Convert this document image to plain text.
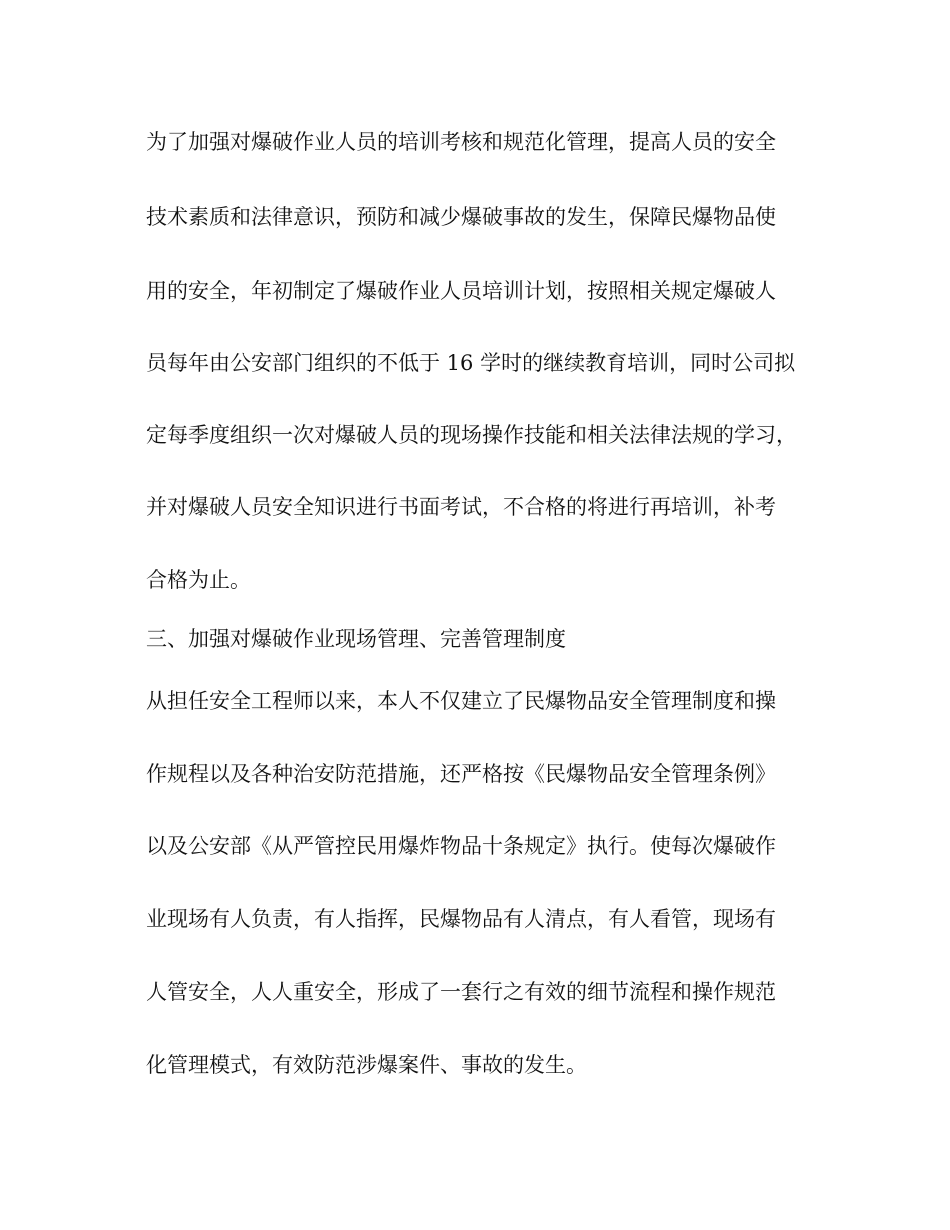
为了加强对爆破作业人员的培训考核和规范化管理，提高人员的安全
技术素质和法律意识，预防和减少爆破事故的发生，保障民爆物品使
用的安全，年初制定了爆破作业人员培训计划，按照相关规定爆破人
员每年由公安部门组织的不低于 16 学时的继续教育培训，同时公司拟
定每季度组织一次对爆破人员的现场操作技能和相关法律法规的学习，
并对爆破人员安全知识进行书面考试，不合格的将进行再培训，补考
合格为止。
三、加强对爆破作业现场管理、完善管理制度
从担任安全工程师以来，本人不仅建立了民爆物品安全管理制度和操
作规程以及各种治安防范措施，还严格按《民爆物品安全管理条例》
以及公安部《从严管控民用爆炸物品十条规定》执行。使每次爆破作
业现场有人负责，有人指挥，民爆物品有人清点，有人看管，现场有
人管安全，人人重安全，形成了一套行之有效的细节流程和操作规范
化管理模式，有效防范涉爆案件、事故的发生。
